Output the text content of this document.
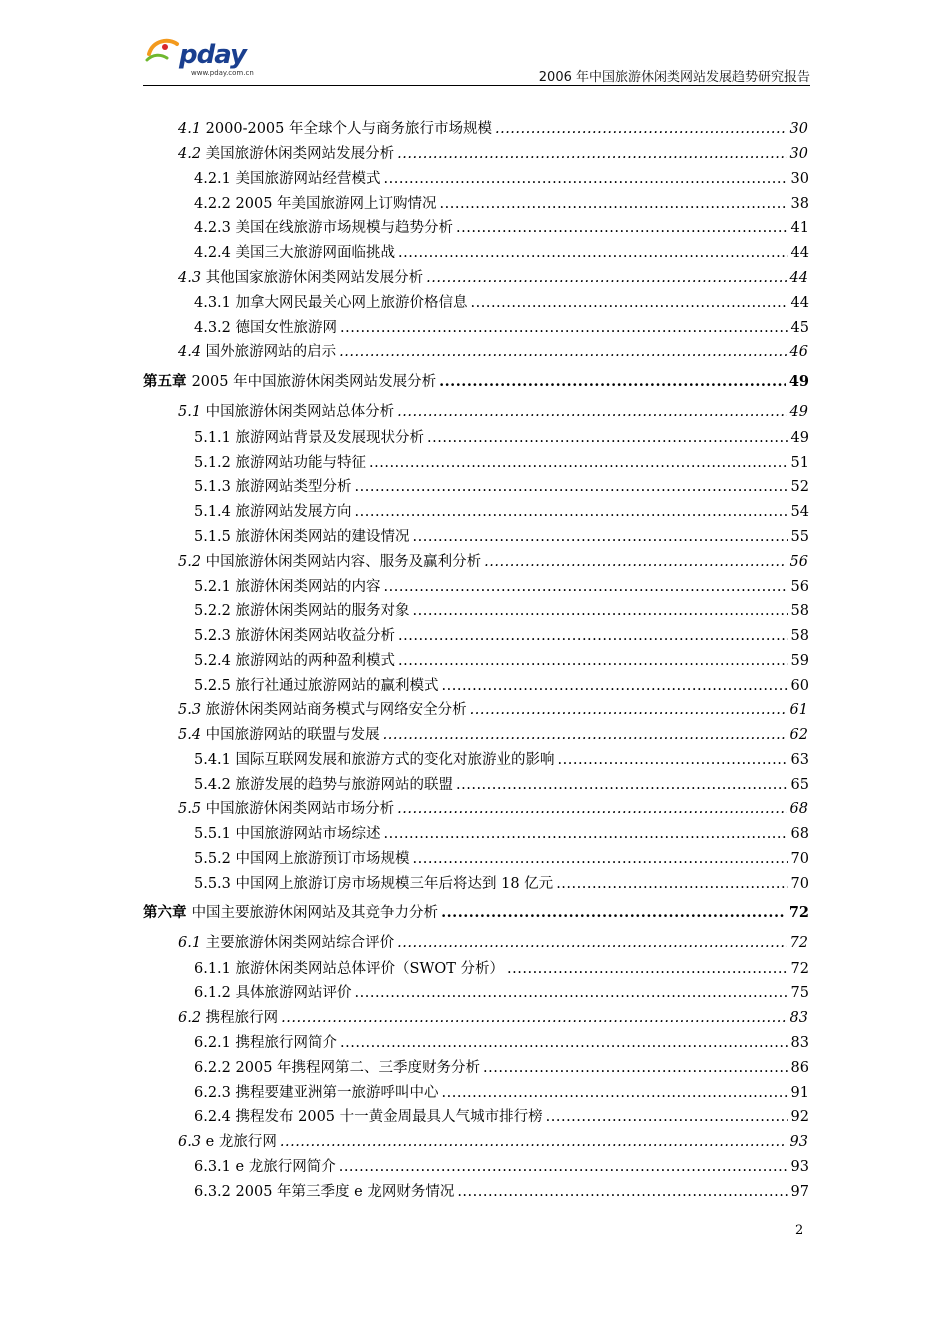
pday
www.pday.com.cn	2006 年中国旅游休闲类网站发展趋势研究报告
4.1 2000-2005 年全球个人与商务旅行市场规模 .....	30
4.2 美国旅游休闲类网站发展分析 .....	30
4.2.1 美国旅游网站经营模式 .....	30
4.2.2 2005 年美国旅游网上订购情况 .....	38
4.2.3 美国在线旅游市场规模与趋势分析 .....	41
4.2.4 美国三大旅游网面临挑战 .....	44
4.3 其他国家旅游休闲类网站发展分析 .....	44
4.3.1 加拿大网民最关心网上旅游价格信息 .....	44
4.3.2 德国女性旅游网 .....	45
4.4 国外旅游网站的启示 .....	46
第五章 2005 年中国旅游休闲类网站发展分析 .....	49
5.1 中国旅游休闲类网站总体分析 .....	49
5.1.1 旅游网站背景及发展现状分析 .....	49
5.1.2 旅游网站功能与特征 .....	51
5.1.3 旅游网站类型分析 .....	52
5.1.4 旅游网站发展方向 .....	54
5.1.5 旅游休闲类网站的建设情况 .....	55
5.2 中国旅游休闲类网站内容、服务及赢利分析 .....	56
5.2.1 旅游休闲类网站的内容 .....	56
5.2.2 旅游休闲类网站的服务对象 .....	58
5.2.3 旅游休闲类网站收益分析 .....	58
5.2.4 旅游网站的两种盈利模式 .....	59
5.2.5 旅行社通过旅游网站的赢利模式 .....	60
5.3 旅游休闲类网站商务模式与网络安全分析 .....	61
5.4 中国旅游网站的联盟与发展 .....	62
5.4.1 国际互联网发展和旅游方式的变化对旅游业的影响 .....	63
5.4.2 旅游发展的趋势与旅游网站的联盟 .....	65
5.5 中国旅游休闲类网站市场分析 .....	68
5.5.1 中国旅游网站市场综述 .....	68
5.5.2 中国网上旅游预订市场规模 .....	70
5.5.3 中国网上旅游订房市场规模三年后将达到 18 亿元 .....	70
第六章 中国主要旅游休闲网站及其竞争力分析 .....	72
6.1 主要旅游休闲类网站综合评价 .....	72
6.1.1 旅游休闲类网站总体评价（SWOT 分析） .....	72
6.1.2 具体旅游网站评价 .....	75
6.2 携程旅行网 .....	83
6.2.1 携程旅行网简介 .....	83
6.2.2 2005 年携程网第二、三季度财务分析 .....	86
6.2.3 携程要建亚洲第一旅游呼叫中心 .....	91
6.2.4 携程发布 2005 十一黄金周最具人气城市排行榜 .....	92
6.3 e 龙旅行网 .....	93
6.3.1 e 龙旅行网简介 .....	93
6.3.2 2005 年第三季度 e 龙网财务情况 .....	97
2
